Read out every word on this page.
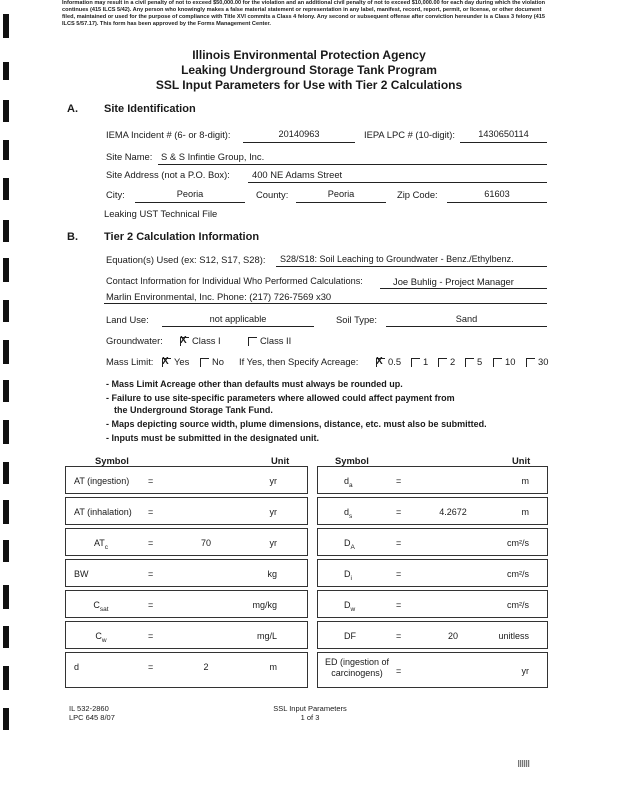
Information may result in a civil penalty of not to exceed $50,000.00 for the violation and an additional civil penalty of not to exceed $10,000.00 for each day during which the violation continues (415 ILCS 5/42). Any person who knowingly makes a false material statement or representation in any label, manifest, record, report, permit, or license, or other document filed, maintained or used for the purpose of compliance with Title XVI commits a Class 4 felony. Any second or subsequent offense after conviction hereunder is a Class 3 felony (415 ILCS 5/57.17). This form has been approved by the Forms Management Center.
Illinois Environmental Protection Agency
Leaking Underground Storage Tank Program
SSL Input Parameters for Use with Tier 2 Calculations
A. Site Identification
IEMA Incident # (6- or 8-digit):	20140963	IEPA LPC # (10-digit):	1430650114
Site Name: S & S Infintie Group, Inc.
Site Address (not a P.O. Box): 400 NE Adams Street
City:	Peoria	County:	Peoria	Zip Code:	61603
Leaking UST Technical File
B. Tier 2 Calculation Information
Equation(s) Used (ex: S12, S17, S28): S28/S18: Soil Leaching to Groundwater - Benz./Ethylbenz.
Contact Information for Individual Who Performed Calculations:	Joe Buhlig - Project Manager
Marlin Environmental, Inc. Phone: (217) 726-7569 x30
Land Use:	not applicable	Soil Type:	Sand
Groundwater: X	Class I	Class II
Mass Limit: X	Yes	No If Yes, then Specify Acreage: X	0.5	1	2	5	10	30
- Mass Limit Acreage other than defaults must always be rounded up.
- Failure to use site-specific parameters where allowed could affect payment from
the Underground Storage Tank Fund.
- Maps depicting source width, plume dimensions, distance, etc. must also be submitted.
- Inputs must be submitted in the designated unit.
Symbol	Unit	Symbol	Unit
AT (ingestion) =	yr
AT (inhalation) =	yr
$AT_c$	=	70	yr
BW	=	kg
$C_{sat}$	=	mg/kg
$C_w$	=	mg/L
d	=	2	m
$d_a$	=	m
$d_s$	=	4.2672	m
$D_A$	=	cm²/s
$D_i$	=	cm²/s
$D_w$	=	cm²/s
DF	=	20	unitless
ED (ingestion of carcinogens)	=	yr
IL 532-2860
LPC 645 8/07
SSL Input Parameters
1 of 3
